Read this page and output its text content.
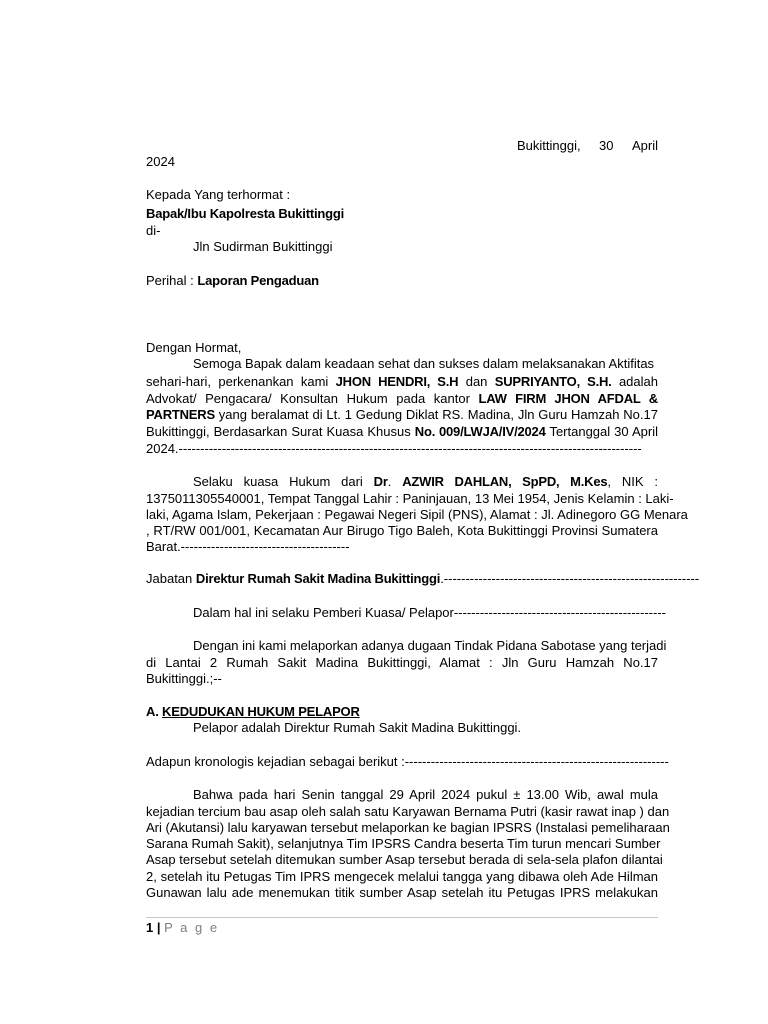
Bukittinggi, 30 April
2024
Kepada Yang terhormat :
Bapak/Ibu Kapolresta Bukittinggi
di-
Jln Sudirman Bukittinggi
Perihal : Laporan Pengaduan
Dengan Hormat,
Semoga Bapak dalam keadaan sehat dan sukses dalam melaksanakan Aktifitas
sehari-hari, perkenankan kami JHON HENDRI, S.H dan SUPRIYANTO, S.H. adalah
Advokat/ Pengacara/ Konsultan Hukum pada kantor LAW FIRM JHON AFDAL &
PARTNERS yang beralamat di Lt. 1 Gedung Diklat RS. Madina, Jln Guru Hamzah No.17
Bukittinggi, Berdasarkan Surat Kuasa Khusus No. 009/LWJA/IV/2024 Tertanggal 30 April
2024.-----------------------------------------------------------------------------------------------------------
Selaku kuasa Hukum dari Dr. AZWIR DAHLAN, SpPD, M.Kes, NIK :
1375011305540001, Tempat Tanggal Lahir : Paninjauan, 13 Mei 1954, Jenis Kelamin : Laki-
laki, Agama Islam, Pekerjaan : Pegawai Negeri Sipil (PNS), Alamat : Jl. Adinegoro GG Menara
, RT/RW 001/001, Kecamatan Aur Birugo Tigo Baleh, Kota Bukittinggi Provinsi Sumatera
Barat.---------------------------------------
Jabatan Direktur Rumah Sakit Madina Bukittinggi.-----------------------------------------------------------
Dalam hal ini selaku Pemberi Kuasa/ Pelapor-------------------------------------------------
Dengan ini kami melaporkan adanya dugaan Tindak Pidana Sabotase yang terjadi
di Lantai 2 Rumah Sakit Madina Bukittinggi, Alamat : Jln Guru Hamzah No.17
Bukittinggi.;--
A. KEDUDUKAN HUKUM PELAPOR
Pelapor adalah Direktur Rumah Sakit Madina Bukittinggi.
Adapun kronologis kejadian sebagai berikut :-------------------------------------------------------------
Bahwa pada hari Senin tanggal 29 April 2024 pukul ± 13.00 Wib, awal mula
kejadian tercium bau asap oleh salah satu Karyawan Bernama Putri (kasir rawat inap ) dan
Ari (Akutansi) lalu karyawan tersebut melaporkan ke bagian IPSRS (Instalasi pemeliharaan
Sarana Rumah Sakit), selanjutnya Tim IPSRS Candra beserta Tim turun mencari Sumber
Asap tersebut setelah ditemukan sumber Asap tersebut berada di sela-sela plafon dilantai
2, setelah itu Petugas Tim IPRS mengecek melalui tangga yang dibawa oleh Ade Hilman
Gunawan lalu ade menemukan titik sumber Asap setelah itu Petugas IPRS melakukan
1 | P a g e
